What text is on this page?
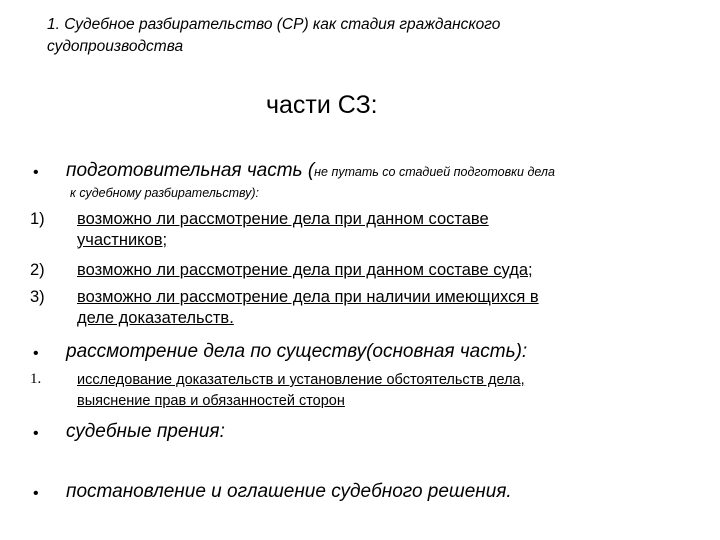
1. Судебное разбирательство (СР) как стадия гражданского
судопроизводства
части СЗ:
• подготовительная часть (не путать со стадией подготовки дела
к судебному разбирательству):
1) возможно ли рассмотрение дела при данном составе
участников;
2) возможно ли рассмотрение дела при данном составе суда;
3) возможно ли рассмотрение дела при наличии имеющихся в
деле доказательств.
• рассмотрение дела по существу(основная часть):
1. исследование доказательств и установление обстоятельств дела,
выяснение прав и обязанностей сторон
• судебные прения:
• постановление и оглашение судебного решения.
